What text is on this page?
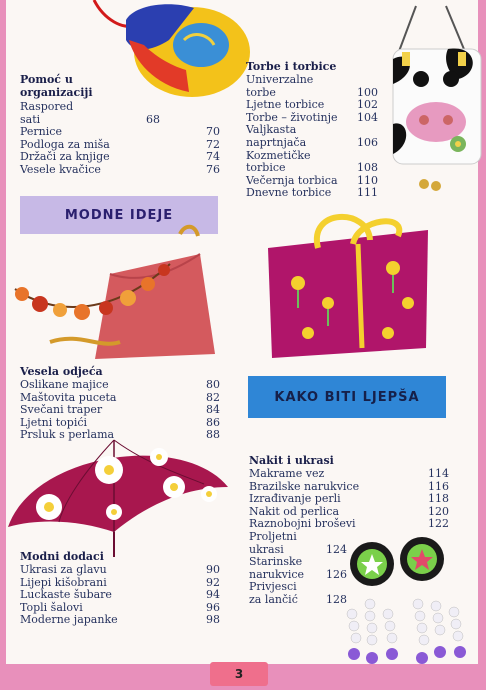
Pomoć u
organizaciji
Raspored
sati	68
Pernice	70
Podloga za miša	72
Držači za knjige	74
Vesele kvačice	76
Torbe i torbice
Univerzalne
torbe	100
Ljetne torbice	102
Torbe – životinje 104
Valjkasta
naprtnjača	106
Kozmetičke
torbice	108
Večernja torbica 110
Dnevne torbice 111
MODNE IDEJE
Vesela odjeća
Oslikane majice	80
Maštovita puceta	82
Svečani traper	84
Ljetni topići	86
Prsluk s perlama	88
Modni dodaci
Ukrasi za glavu	90
Lijepi kišobrani	92
Luckaste šubare	94
Topli šalovi	96
Moderne japanke	98
KAKO BITI LJEPŠA
Nakit i ukrasi
Makrame vez	114
Brazilske narukvice	116
Izrađivanje perli	118
Nakit od perlica	120
Raznobojni broševi	122
Proljetni
ukrasi	124
Starinske
narukvice 126
Privjesci
za lančić	128
3
